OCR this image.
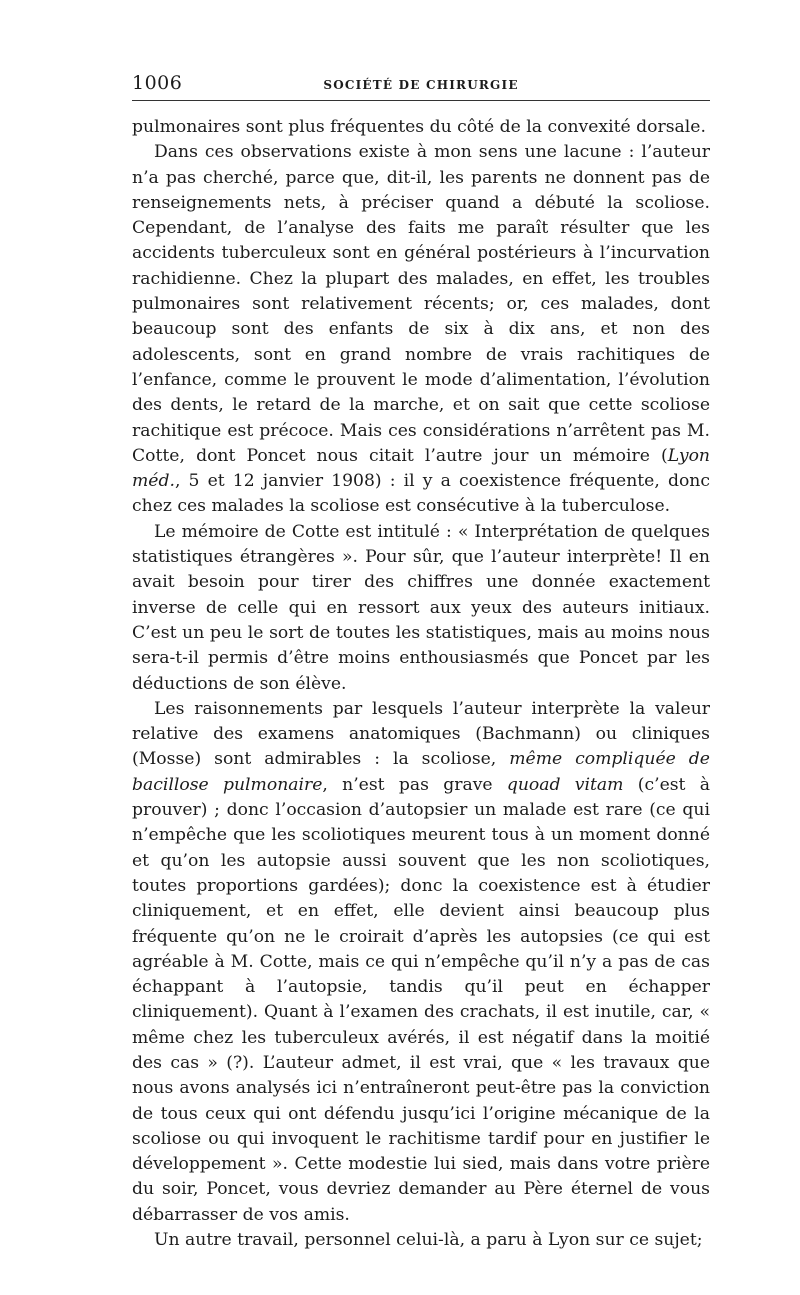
1006	SOCIÉTÉ DE CHIRURGIE

pulmonaires sont plus fréquentes du côté de la convexité dorsale.

Dans ces observations existe à mon sens une lacune : l’auteur n’a pas cherché, parce que, dit-il, les parents ne donnent pas de renseignements nets, à préciser quand a débuté la scoliose. Cependant, de l’analyse des faits me paraît résulter que les accidents tuberculeux sont en général postérieurs à l’incurvation rachidienne. Chez la plupart des malades, en effet, les troubles pulmonaires sont relativement récents; or, ces malades, dont beaucoup sont des enfants de six à dix ans, et non des adolescents, sont en grand nombre de vrais rachitiques de l’enfance, comme le prouvent le mode d’alimentation, l’évolution des dents, le retard de la marche, et on sait que cette scoliose rachitique est précoce. Mais ces considérations n’arrêtent pas M. Cotte, dont Poncet nous citait l’autre jour un mémoire (Lyon méd., 5 et 12 janvier 1908) : il y a coexistence fréquente, donc chez ces malades la scoliose est consécutive à la tuberculose.

Le mémoire de Cotte est intitulé : « Interprétation de quelques statistiques étrangères ». Pour sûr, que l’auteur interprète! Il en avait besoin pour tirer des chiffres une donnée exactement inverse de celle qui en ressort aux yeux des auteurs initiaux. C’est un peu le sort de toutes les statistiques, mais au moins nous sera-t-il permis d’être moins enthousiasmés que Poncet par les déductions de son élève.

Les raisonnements par lesquels l’auteur interprète la valeur relative des examens anatomiques (Bachmann) ou cliniques (Mosse) sont admirables : la scoliose, même compliquée de bacillose pulmonaire, n’est pas grave quoad vitam (c’est à prouver) ; donc l’occasion d’autopsier un malade est rare (ce qui n’empêche que les scoliotiques meurent tous à un moment donné et qu’on les autopsie aussi souvent que les non scoliotiques, toutes proportions gardées); donc la coexistence est à étudier cliniquement, et en effet, elle devient ainsi beaucoup plus fréquente qu’on ne le croirait d’après les autopsies (ce qui est agréable à M. Cotte, mais ce qui n’empêche qu’il n’y a pas de cas échappant à l’autopsie, tandis qu’il peut en échapper cliniquement). Quant à l’examen des crachats, il est inutile, car, « même chez les tuberculeux avérés, il est négatif dans la moitié des cas » (?). L’auteur admet, il est vrai, que « les travaux que nous avons analysés ici n’entraîneront peut-être pas la conviction de tous ceux qui ont défendu jusqu’ici l’origine mécanique de la scoliose ou qui invoquent le rachitisme tardif pour en justifier le développement ». Cette modestie lui sied, mais dans votre prière du soir, Poncet, vous devriez demander au Père éternel de vous débarrasser de vos amis.

Un autre travail, personnel celui-là, a paru à Lyon sur ce sujet;
